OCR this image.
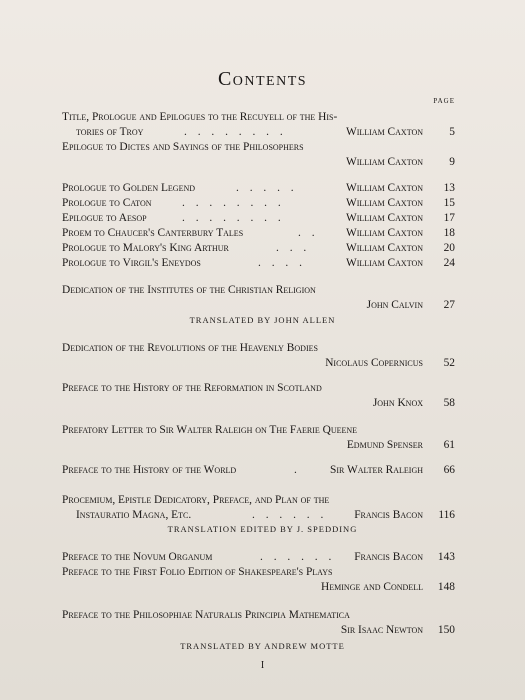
Contents
PAGE
Title, Prologue and Epilogues to the Recuyell of the His-
tories of Troy	. . . . . . . .	William Caxton	5
Epilogue to Dictes and Sayings of the Philosophers
William Caxton	9
Prologue to Golden Legend	. . . . .	William Caxton	13
Prologue to Caton	. . . . . . . .	William Caxton	15
Epilogue to Aesop	. . . . . . . .	William Caxton	17
Proem to Chaucer's Canterbury Tales	. . William Caxton	18
Prologue to Malory's King Arthur	. . .	William Caxton	20
Prologue to Virgil's Eneydos	. . . .	William Caxton	24
Dedication of the Institutes of the Christian Religion
John Calvin	27
TRANSLATED BY JOHN ALLEN
Dedication of the Revolutions of the Heavenly Bodies
Nicolaus Copernicus	52
Preface to the History of the Reformation in Scotland
John Knox	58
Prefatory Letter to Sir Walter Raleigh on The Faerie Queene
Edmund Spenser	61
Preface to the History of the World	.	Sir Walter Raleigh	66
Procemium, Epistle Dedicatory, Preface, and Plan of the
Instauratio Magna, Etc.	. . . . . . Francis Bacon	116
TRANSLATION EDITED BY J. SPEDDING
Preface to the Novum Organum	. . . . . . Francis Bacon	143
Preface to the First Folio Edition of Shakespeare's Plays
Heminge and Condell	148
Preface to the Philosophiae Naturalis Principia Mathematica
Sir Isaac Newton	150
TRANSLATED BY ANDREW MOTTE
I
